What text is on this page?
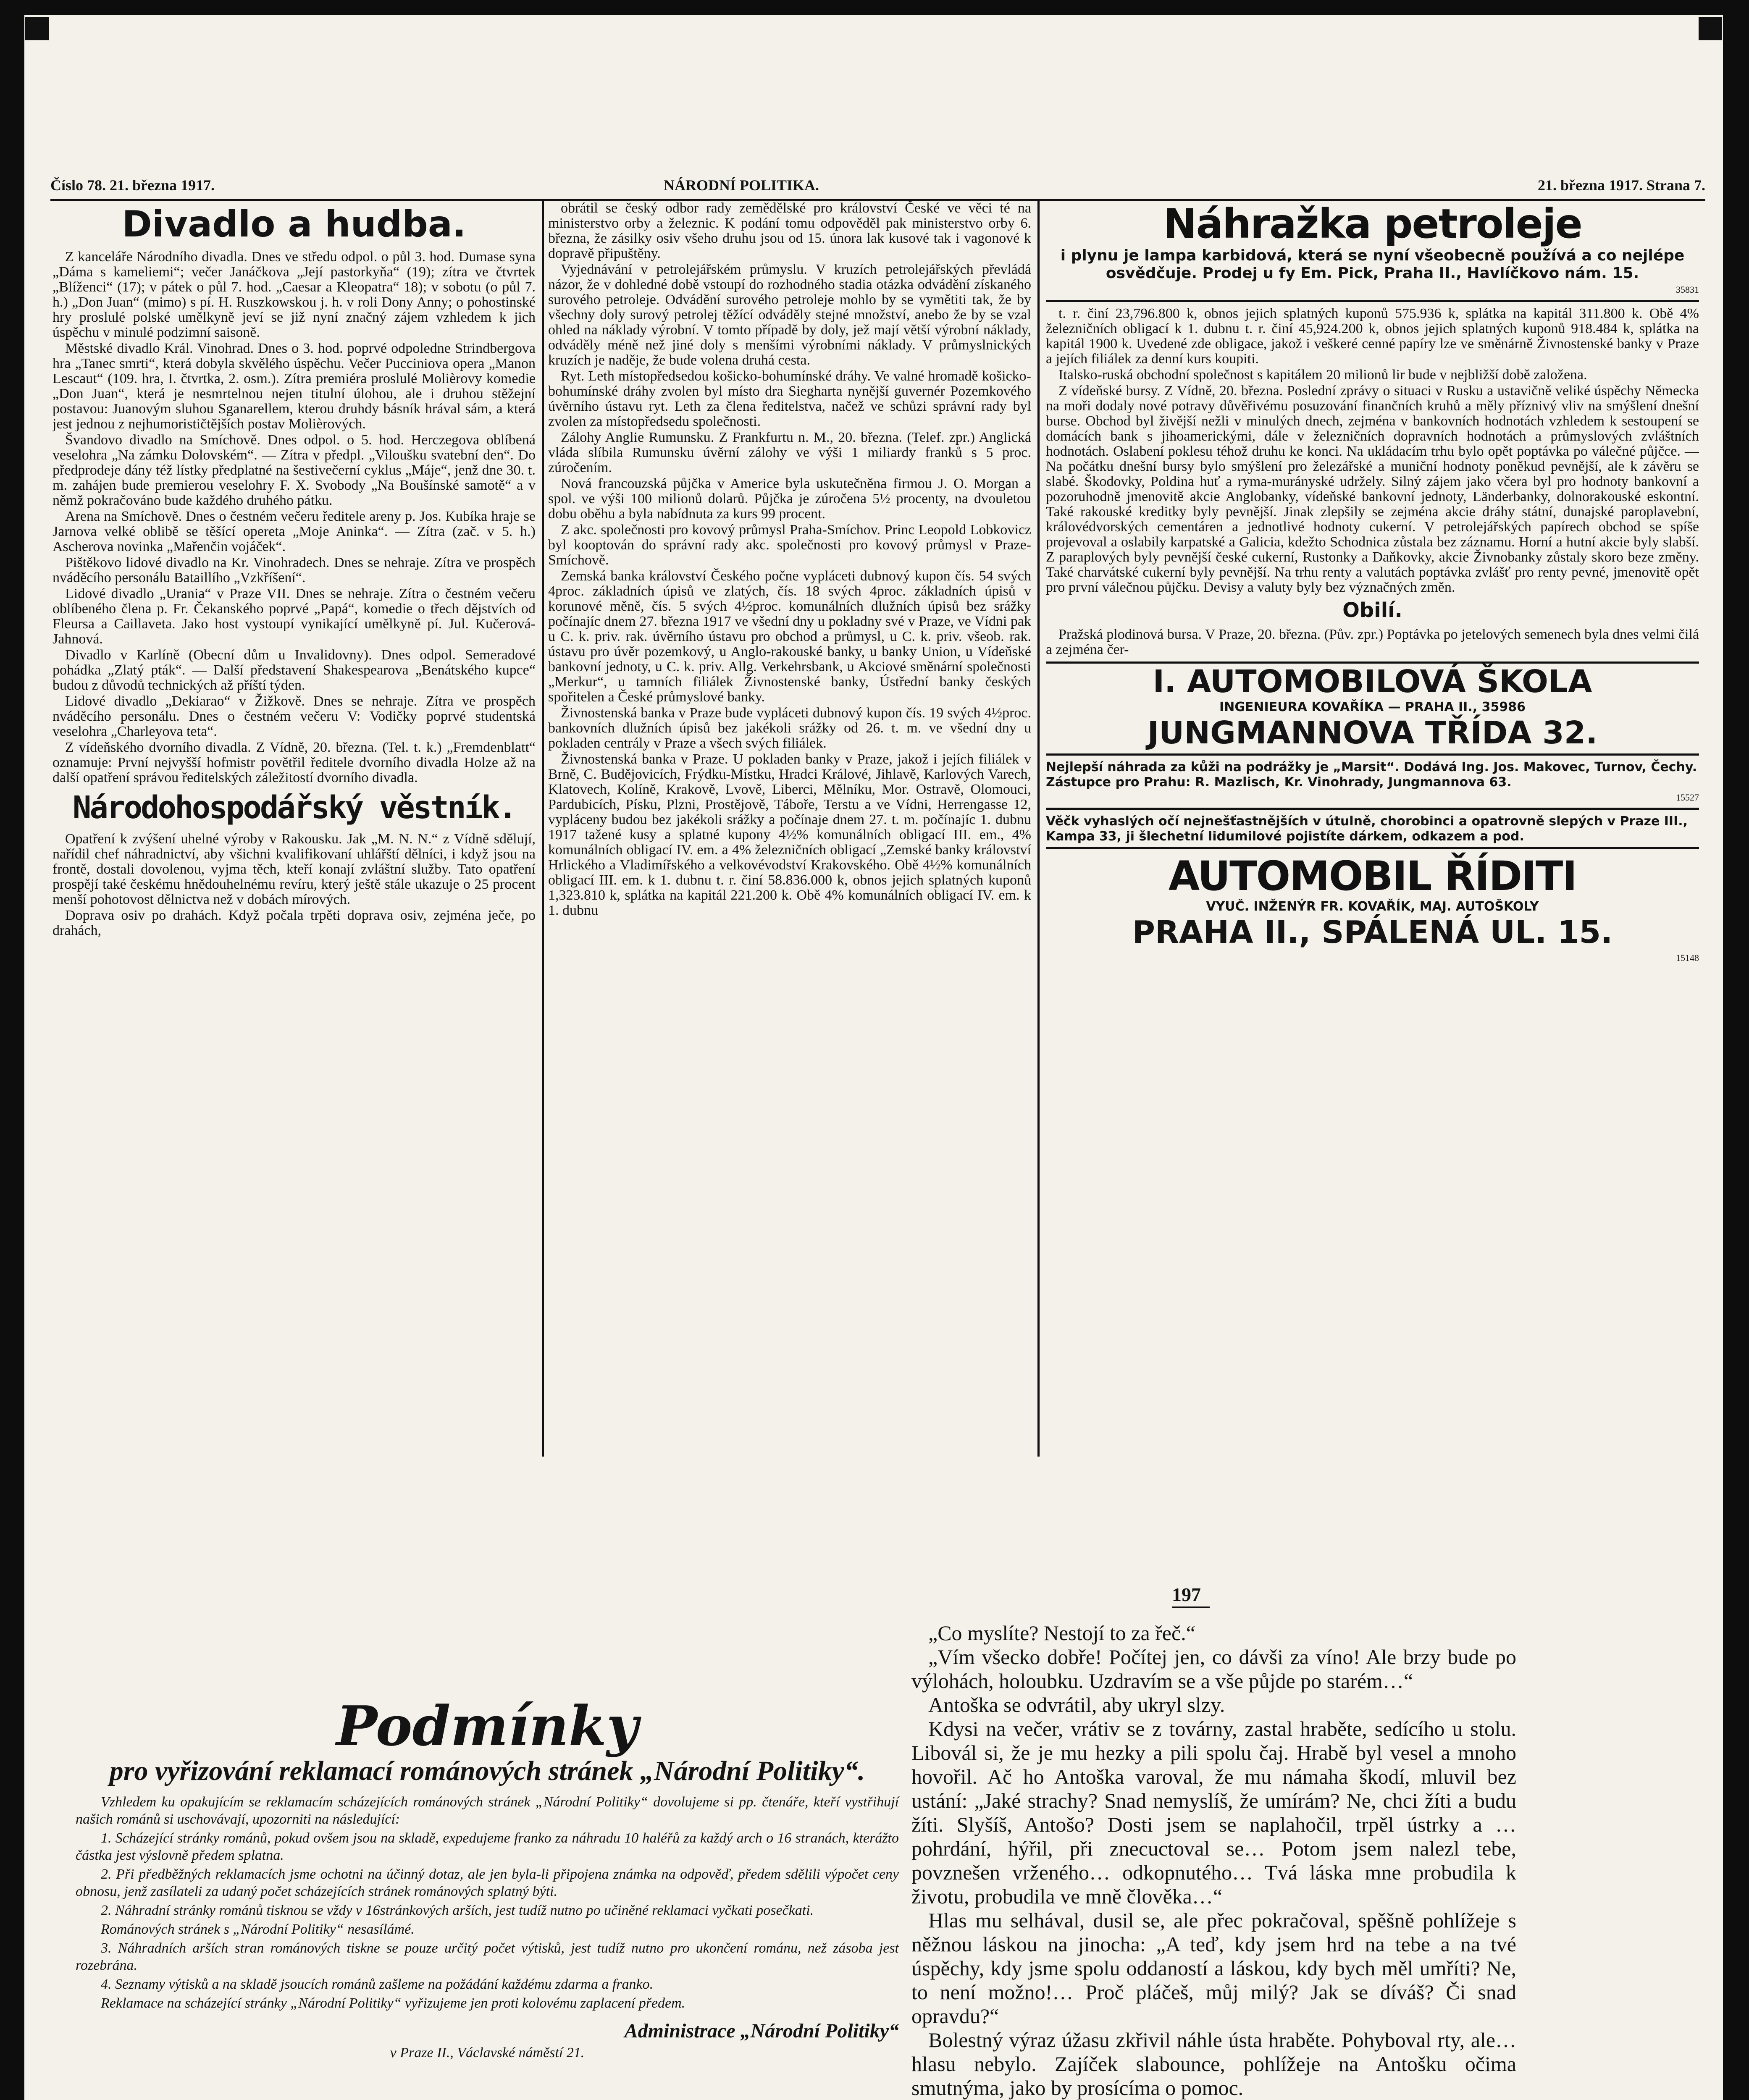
Číslo 78. 21. března 1917.	NÁRODNÍ POLITIKA.	21. března 1917. Strana 7.
Divadlo a hudba.

Z kanceláře Národního divadla. Dnes ve středu odpol. o půl 3. hod. Dumase syna „Dáma s kameliemi“; večer Janáčkova „Její pastorkyňa“ (19); zítra ve čtvrtek „Blíženci“ (17); v pátek o půl 7. hod. „Caesar a Kleopatra“ 18); v sobotu (o půl 7. h.) „Don Juan“ (mimo) s pí. H. Ruszkowskou j. h. v roli Dony Anny; o pohostinské hry proslulé polské umělkyně jeví se již nyní značný zájem vzhledem k jich úspěchu v minulé podzimní saisoně.

Městské divadlo Král. Vinohrad. Dnes o 3. hod. poprvé odpoledne Strindbergova hra „Tanec smrti“, která dobyla skvělého úspěchu. Večer Pucciniova opera „Manon Lescaut“ (109. hra, I. čtvrtka, 2. osm.). Zítra premiéra proslulé Molièrovy komedie „Don Juan“, která je nesmrtelnou nejen titulní úlohou, ale i druhou stěžejní postavou: Juanovým sluhou Sganarellem, kterou druhdy básník hrával sám, a která jest jednou z nejhumorističtějších postav Molièrových.

Švandovo divadlo na Smíchově. Dnes odpol. o 5. hod. Herczegova oblíbená veselohra „Na zámku Dolovském“. — Zítra v předpl. „Viloušku svatební den“. Do předprodeje dány též lístky předplatné na šestivečerní cyklus „Máje“, jenž dne 30. t. m. zahájen bude premierou veselohry F. X. Svobody „Na Boušínské samotě“ a v němž pokračováno bude každého druhého pátku.

Arena na Smíchově. Dnes o čestném večeru ředitele areny p. Jos. Kubíka hraje se Jarnova velké oblibě se těšící opereta „Moje Aninka“. — Zítra (zač. v 5. h.) Ascherova novinka „Mařenčin vojáček“.

Pištěkovo lidové divadlo na Kr. Vinohradech. Dnes se nehraje. Zítra ve prospěch nváděcího personálu Bataillího „Vzkříšení“.

Lidové divadlo „Urania“ v Praze VII. Dnes se nehraje. Zítra o čestném večeru oblíbeného člena p. Fr. Čekanského poprvé „Papá“, komedie o třech dějstvích od Fleursa a Caillaveta. Jako host vystoupí vynikající umělkyně pí. Jul. Kučerová-Jahnová.

Divadlo v Karlíně (Obecní dům u Invalidovny). Dnes odpol. Semeradové pohádka „Zlatý pták“. — Další představení Shakespearova „Benátského kupce“ budou z důvodů technických až příští týden.

Lidové divadlo „Dekiarao“ v Žižkově. Dnes se nehraje. Zítra ve prospěch nváděcího personálu. Dnes o čestném večeru V: Vodičky poprvé studentská veselohra „Charleyova teta“.

Z vídeňského dvorního divadla. Z Vídně, 20. března. (Tel. t. k.) „Fremdenblatt“ oznamuje: První nejvyšší hofmistr povětřil ředitele dvorního divadla Holze až na další opatření správou ředitelských záležitostí dvorního divadla.

Národohospodářský věstník.

Opatření k zvýšení uhelné výroby v Rakousku. Jak „M. N. N.“ z Vídně sdělují, nařídil chef náhradnictví, aby všichni kvalifikovaní uhlářští dělníci, i když jsou na frontě, dostali dovolenou, vyjma těch, kteří konají zvláštní služby. Tato opatření prospějí také českému hnědouhelnému revíru, který ještě stále ukazuje o 25 procent menší pohotovost dělnictva než v dobách mírových.

Doprava osiv po drahách. Když počala trpěti doprava osiv, zejména ječe, po drahách,

obrátil se český odbor rady zemědělské pro království České ve věci té na ministerstvo orby a železnic. K podání tomu odpověděl pak ministerstvo orby 6. března, že zásilky osiv všeho druhu jsou od 15. února lak kusové tak i vagonové k dopravě připuštěny.

Vyjednávání v petrolejářském průmyslu. V kruzích petrolejářských převládá názor, že v dohledné době vstoupí do rozhodného stadia otázka odvádění získaného surového petroleje. Odvádění surového petroleje mohlo by se vymětiti tak, že by všechny doly surový petrolej těžící odváděly stejné množství, anebo že by se vzal ohled na náklady výrobní. V tomto případě by doly, jež mají větší výrobní náklady, odváděly méně než jiné doly s menšími výrobními náklady. V průmyslnických kruzích je naděje, že bude volena druhá cesta.

Ryt. Leth místopředsedou košicko-bohumínské dráhy. Ve valné hromadě košicko-bohumínské dráhy zvolen byl místo dra Siegharta nynější guvernér Pozemkového úvěrního ústavu ryt. Leth za člena ředitelstva, načež ve schůzi správní rady byl zvolen za místopředsedu společnosti.

Zálohy Anglie Rumunsku. Z Frankfurtu n. M., 20. března. (Telef. zpr.) Anglická vláda slíbila Rumunsku úvěrní zálohy ve výši 1 miliardy franků s 5 proc. zúročením.

Nová francouzská půjčka v Americe byla uskutečněna firmou J. O. Morgan a spol. ve výši 100 milionů dolarů. Půjčka je zúročena 5½ procenty, na dvouletou dobu oběhu a byla nabídnuta za kurs 99 procent.

Z akc. společnosti pro kovový průmysl Praha-Smíchov. Princ Leopold Lobkovicz byl kooptován do správní rady akc. společnosti pro kovový průmysl v Praze-Smíchově.

Zemská banka království Českého počne vypláceti dubnový kupon čís. 54 svých 4proc. základních úpisů ve zlatých, čís. 18 svých 4proc. základních úpisů v korunové měně, čís. 5 svých 4½proc. komunálních dlužních úpisů bez srážky počínajíc dnem 27. března 1917 ve všední dny u pokladny své v Praze, ve Vídni pak u C. k. priv. rak. úvěrního ústavu pro obchod a průmysl, u C. k. priv. všeob. rak. ústavu pro úvěr pozemkový, u Anglo-rakouské banky, u banky Union, u Vídeňské bankovní jednoty, u C. k. priv. Allg. Verkehrsbank, u Akciové směnární společnosti „Merkur“, u tamních filiálek Živnostenské banky, Ústřední banky českých spořitelen a České průmyslové banky.

Živnostenská banka v Praze bude vypláceti dubnový kupon čís. 19 svých 4½proc. bankovních dlužních úpisů bez jakékoli srážky od 26. t. m. ve všední dny u pokladen centrály v Praze a všech svých filiálek.

Živnostenská banka v Praze. U pokladen banky v Praze, jakož i jejích filiálek v Brně, C. Budějovicích, Frýdku-Místku, Hradci Králové, Jihlavě, Karlových Varech, Klatovech, Kolíně, Krakově, Lvově, Liberci, Mělníku, Mor. Ostravě, Olomouci, Pardubicích, Písku, Plzni, Prostějově, Táboře, Terstu a ve Vídni, Herrengasse 12, vypláceny budou bez jakékoli srážky a počínaje dnem 27. t. m. počínajíc 1. dubnu 1917 tažené kusy a splatné kupony 4½% komunálních obligací III. em., 4% komunálních obligací IV. em. a 4% železničních obligací „Zemské banky království Hrlického a Vladimířského a velkovévodství Krakovského. Obě 4½% komunálních obligací III. em. k 1. dubnu t. r. činí 58.836.000 k, obnos jejich splatných kuponů 1,323.810 k, splátka na kapitál 221.200 k. Obě 4% komunálních obligací IV. em. k 1. dubnu

Náhražka petroleje
i plynu je lampa karbidová, která se nyní všeobecně používá a co nejlépe osvědčuje. Prodej u fy Em. Pick, Praha II., Havlíčkovo nám. 15.
35831

t. r. činí 23,796.800 k, obnos jejich splatných kuponů 575.936 k, splátka na kapitál 311.800 k. Obě 4% železničních obligací k 1. dubnu t. r. činí 45,924.200 k, obnos jejich splatných kuponů 918.484 k, splátka na kapitál 1900 k. Uvedené zde obligace, jakož i veškeré cenné papíry lze ve směnárně Živnostenské banky v Praze a jejích filiálek za denní kurs koupiti.

Italsko-ruská obchodní společnost s kapitálem 20 milionů lir bude v nejbližší době založena.

Z vídeňské bursy. Z Vídně, 20. března. Poslední zprávy o situaci v Rusku a ustavičně veliké úspěchy Německa na moři dodaly nové potravy důvěřivému posuzování finančních kruhů a měly příznivý vliv na smýšlení dnešní burse. Obchod byl živější nežli v minulých dnech, zejména v bankovních hodnotách vzhledem k sestoupení se domácích bank s jihoamerickými, dále v železničních dopravních hodnotách a průmyslových zvláštních hodnotách. Oslabení poklesu téhož druhu ke konci. Na ukládacím trhu bylo opět poptávka po válečné půjčce. — Na počátku dnešní bursy bylo smýšlení pro železářské a muniční hodnoty poněkud pevnější, ale k závěru se slabé. Škodovky, Poldina huť a ryma-murányské udržely. Silný zájem jako včera byl pro hodnoty bankovní a pozoruhodně jmenovitě akcie Anglobanky, vídeňské bankovní jednoty, Länderbanky, dolnorakouské eskontní. Také rakouské kreditky byly pevnější. Jinak zlepšily se zejména akcie dráhy státní, dunajské paroplavební, královédvorských cementáren a jednotlivé hodnoty cukerní. V petrolejářských papírech obchod se spíše projevoval a oslabily karpatské a Galicia, kdežto Schodnica zůstala bez záznamu. Horní a hutní akcie byly slabší. Z paraplových byly pevnější české cukerní, Rustonky a Daňkovky, akcie Živnobanky zůstaly skoro beze změny. Také charvátské cukerní byly pevnější. Na trhu renty a valutách poptávka zvlášť pro renty pevné, jmenovitě opět pro první válečnou půjčku. Devisy a valuty byly bez význačných změn.

Obilí.

Pražská plodinová bursa. V Praze, 20. března. (Pův. zpr.) Poptávka po jetelových semenech byla dnes velmi čilá a zejména čer-

I. AUTOMOBILOVÁ ŠKOLA
INGENIEURA KOVAŘÍKA — PRAHA II., 35986
JUNGMANNOVA TŘÍDA 32.
Nejlepší náhrada za kůži na podrážky je „Marsit“. Dodává Ing. Jos. Makovec, Turnov, Čechy. Zástupce pro Prahu: R. Mazlisch, Kr. Vinohrady, Jungmannova 63.
15527
Věčk vyhaslých očí nejnešťastnějších v útulně, chorobinci a opatrovně slepých v Praze III., Kampa 33, ji šlechetní lidumilové pojistíte dárkem, odkazem a pod.
AUTOMOBIL ŘÍDITI
VYUČ. INŽENÝR FR. KOVAŘÍK, MAJ. AUTOŠKOLY
PRAHA II., SPÁLENÁ UL. 15.
15148
197
Podmínky
pro vyřizování reklamací románových stránek „Národní Politiky“.

Vzhledem ku opakujícím se reklamacím scházejících románových stránek „Národní Politiky“ dovolujeme si pp. čtenáře, kteří vystřihují našich románů si uschovávají, upozorniti na následující:

1. Scházející stránky románů, pokud ovšem jsou na skladě, expedujeme franko za náhradu 10 haléřů za každý arch o 16 stranách, kterážto částka jest výslovně předem splatna.

2. Při předběžných reklamacích jsme ochotni na účinný dotaz, ale jen byla-li připojena známka na odpověď, předem sdělili výpočet ceny obnosu, jenž zasílateli za udaný počet scházejících stránek románových splatný býti.

2. Náhradní stránky románů tisknou se vždy v 16stránkových arších, jest tudíž nutno po učiněné reklamaci vyčkati posečkati.

Románových stránek s „Národní Politiky“ nesasílámé.

3. Náhradních arších stran románových tiskne se pouze určitý počet výtisků, jest tudíž nutno pro ukončení románu, než zásoba jest rozebrána.

4. Seznamy výtisků a na skladě jsoucích románů zašleme na požádání každému zdarma a franko.

Reklamace na scházející stránky „Národní Politiky“ vyřizujeme jen proti kolovému zaplacení předem.

Administrace „Národní Politiky“
v Praze II., Václavské náměstí 21.

„Co myslíte? Nestojí to za řeč.“

„Vím všecko dobře! Počítej jen, co dávši za víno! Ale brzy bude po výlohách, holoubku. Uzdravím se a vše půjde po starém…“

Antoška se odvrátil, aby ukryl slzy.

Kdysi na večer, vrátiv se z továrny, zastal hraběte, sedícího u stolu. Libovál si, že je mu hezky a pili spolu čaj. Hrabě byl vesel a mnoho hovořil. Ač ho Antoška varoval, že mu námaha škodí, mluvil bez ustání: „Jaké strachy? Snad nemyslíš, že umírám? Ne, chci žíti a budu žíti. Slyšíš, Antošo? Dosti jsem se naplahočil, trpěl ústrky a … pohrdání, hýřil, při znecuctoval se… Potom jsem nalezl tebe, povznešen vrženého… odkopnutého… Tvá láska mne probudila k životu, probudila ve mně člověka…“

Hlas mu selhával, dusil se, ale přec pokračoval, spěšně pohlížeje s něžnou láskou na jinocha: „A teď, kdy jsem hrd na tebe a na tvé úspěchy, kdy jsme spolu oddaností a láskou, kdy bych měl umříti? Ne, to není možno!… Proč pláčeš, můj milý? Jak se díváš? Či snad opravdu?“

Bolestný výraz úžasu zkřivil náhle ústa hraběte. Pohyboval rty, ale… hlasu nebylo. Zajíček slabounce, pohlížeje na Antošku očima smutnýma, jako by prosícíma o pomoc.
